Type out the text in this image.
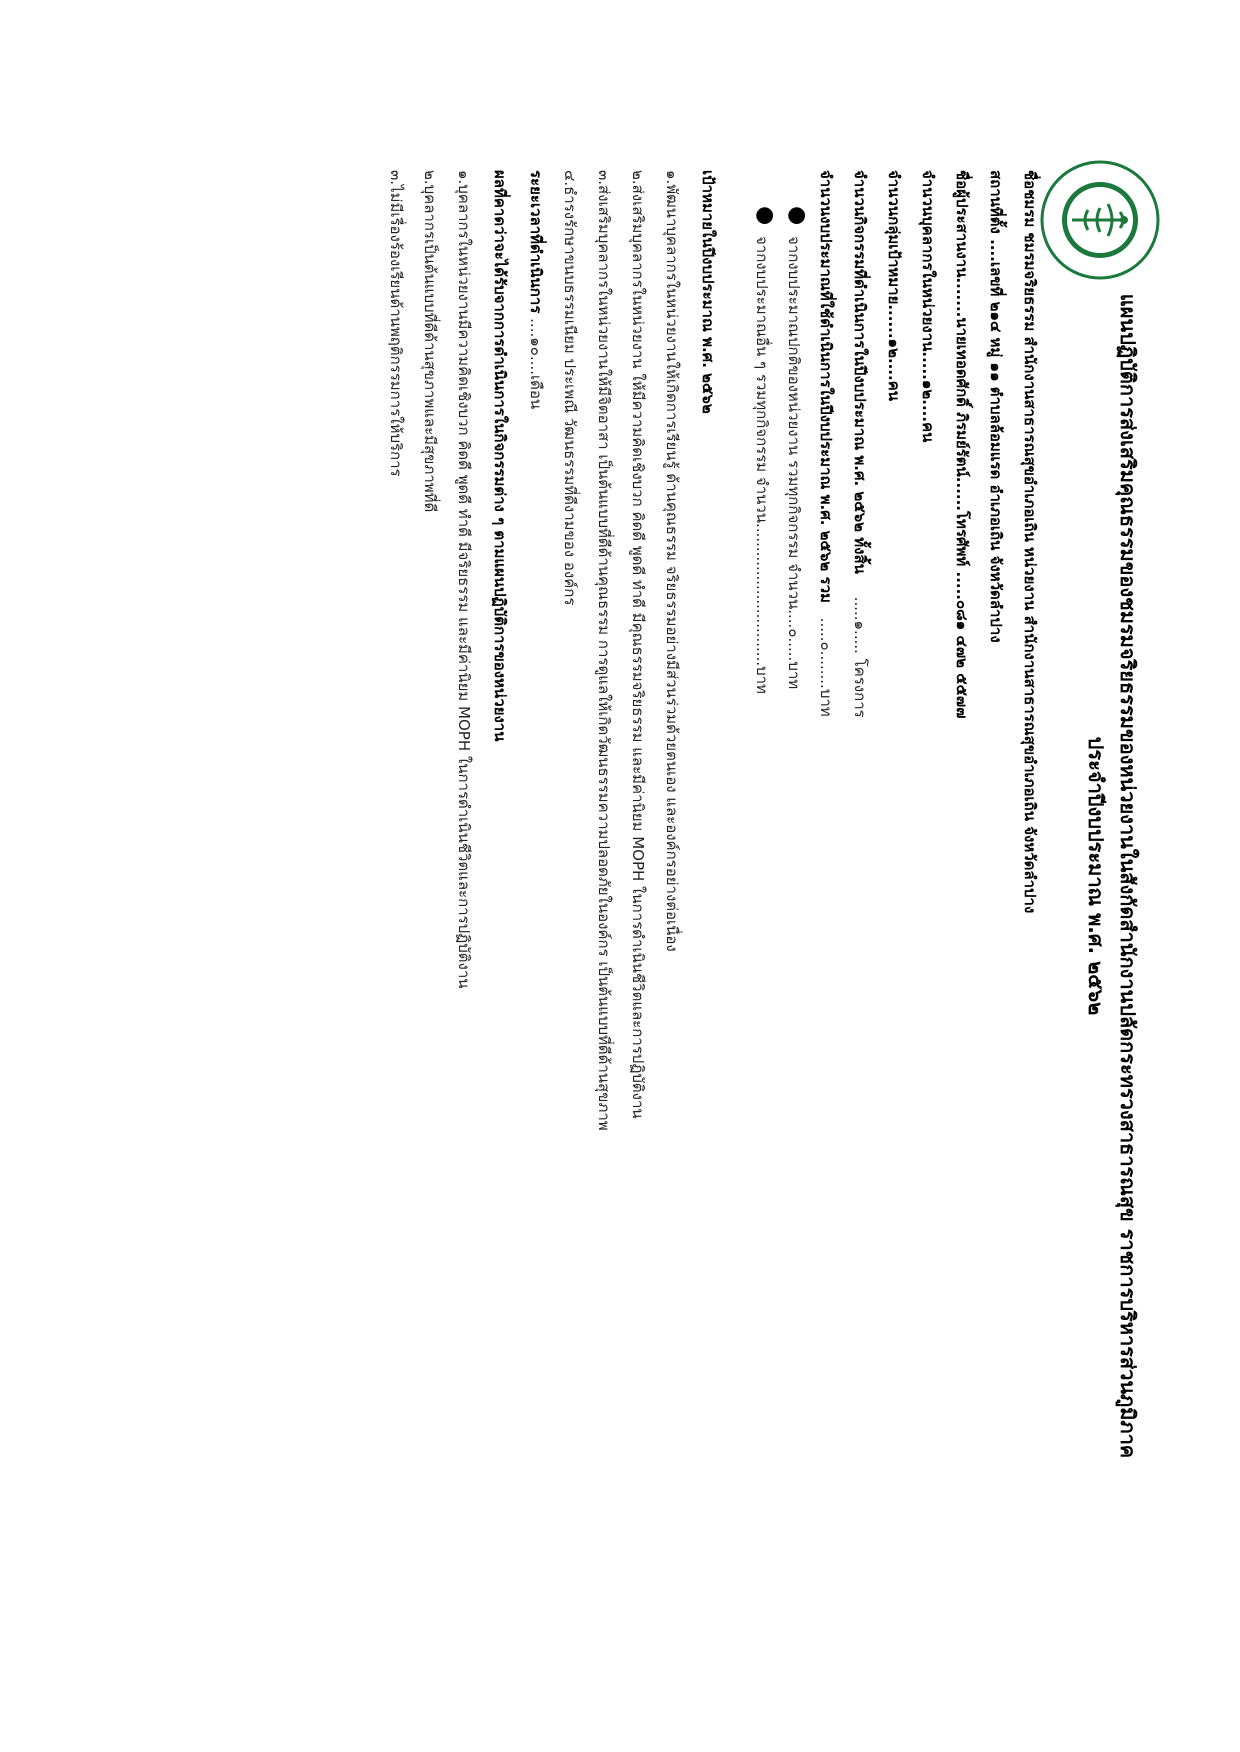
แผนปฏิบัติการส่งเสริมคุณธรรมของชมรมจริยธรรมของหน่วยงานในสังกัดสำนักงานปลัดกระทรวงสาธารณสุข ราชการบริหารส่วนภูมิภาค
ประจำปีงบประมาณ พ.ศ. ๒๕๖๒
ชื่อชมรม ชมรมจริยธรรม สำนักงานสาธารณสุขอำเภอเถิน หน่วยงาน สำนักงานสาธารณสุขอำเภอเถิน จังหวัดลำปาง
สถานที่ตั้ง ....เลขที่ ๒๑๔ หมู่ ๑๑ ตำบลล้อมแรด อำเภอเถิน จังหวัดลำปาง
ชื่อผู้ประสานงาน.......นายเทอดศักดิ์ ภิรมย์รัตน์......โทรศัพท์ .....๐๘๑ ๔๗๒ ๕๕๗๗
จำนวนบุคลากรในหน่วยงาน.....๑๒....คน
จำนวนกลุ่มเป้าหมาย......๑๒....คน
จำนวนกิจกรรมที่ดำเนินการในปีงบประมาณ พ.ศ. ๒๕๖๒ ทั้งสิ้น .....๑..... โครงการ
จำนวนงบประมาณที่ใช้ดำเนินการในปีงบประมาณ พ.ศ. ๒๕๖๒ รวม .....๐........บาท
●
จากงบประมาณปกติของหน่วยงาน รวมทุกกิจกรรม จำนวน....๐.....บาท
●
จากงบประมาณอื่น ๆ รวมทุกกิจกรรม จำนวน..............................บาท
เป้าหมายในปีงบประมาณ พ.ศ. ๒๕๖๒
๑.พัฒนาบุคลากรในหน่วยงานให้เกิดการเรียนรู้ ด้านคุณธรรม จริยธรรมอย่างมีส่วนร่วมด้วยตนเอง และองค์กรอย่างต่อเนื่อง
๒.ส่งเสริมบุคลากรในหน่วยงาน ให้มีความคิดเชิงบวก คิดดี พูดดี ทำดี มีคุณธรรมจริยธรรม และมีค่านิยม MOPH ในการดำเนินชีวิตและการปฏิบัติงาน
๓.ส่งเสริมบุคลากรในหน่วยงานให้มีจิตอาสา เป็นต้นแบบที่ดีด้านคุณธรรม การดูแลให้เกิดวัฒนธรรมความปลอดภัยในองค์กร เป็นต้นแบบที่ดีด้านสุขภาพ
๔.ธำรงรักษาขนบธรรมเนียม ประเพณี วัฒนธรรมที่ดีงามของ องค์กร
ระยะเวลาที่ดำเนินการ ....๑๐....เดือน
ผลที่คาดว่าจะได้รับจากการดำเนินการในกิจกรรมต่าง ๆ ตามแผนปฏิบัติการของหน่วยงาน
๑.บุคลากรในหน่วยงานมีความคิดเชิงบวก คิดดี พูดดี ทำดี มีจริยธรรม และมีค่านิยม MOPH ในการดำเนินชีวิตและการปฏิบัติงาน
๒.บุคลากรเป็นต้นแบบที่ดีด้านสุขภาพและมีสุขภาพที่ดี
๓.ไม่มีเรื่องร้องเรียนด้านพฤติกรรมการให้บริการ
